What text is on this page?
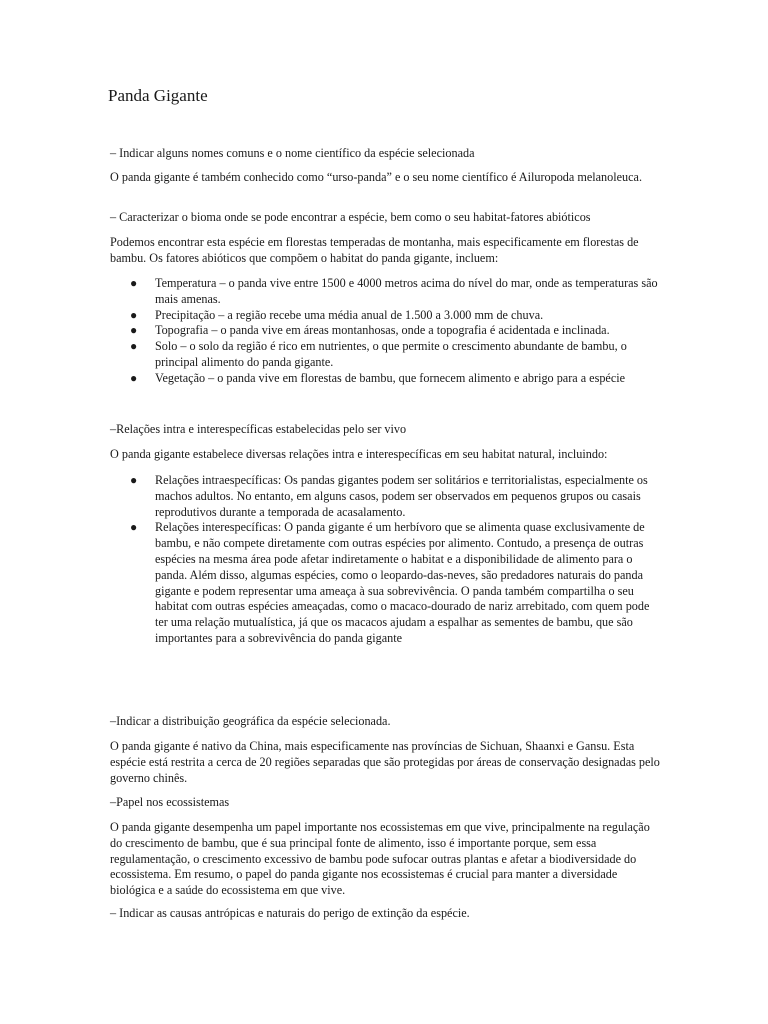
Panda Gigante

– Indicar alguns nomes comuns e o nome científico da espécie selecionada

O panda gigante é também conhecido como “urso-panda” e o seu nome científico é Ailuropoda melanoleuca.

– Caracterizar o bioma onde se pode encontrar a espécie, bem como o seu habitat-fatores abióticos

Podemos encontrar esta espécie em florestas temperadas de montanha, mais especificamente em florestas de bambu. Os fatores abióticos que compõem o habitat do panda gigante, incluem:

● Temperatura – o panda vive entre 1500 e 4000 metros acima do nível do mar, onde as temperaturas são mais amenas.
● Precipitação – a região recebe uma média anual de 1.500 a 3.000 mm de chuva.
● Topografia – o panda vive em áreas montanhosas, onde a topografia é acidentada e inclinada.
● Solo – o solo da região é rico em nutrientes, o que permite o crescimento abundante de bambu, o principal alimento do panda gigante.
● Vegetação – o panda vive em florestas de bambu, que fornecem alimento e abrigo para a espécie

–Relações intra e interespecíficas estabelecidas pelo ser vivo

O panda gigante estabelece diversas relações intra e interespecíficas em seu habitat natural, incluindo:

● Relações intraespecíficas: Os pandas gigantes podem ser solitários e territorialistas, especialmente os machos adultos. No entanto, em alguns casos, podem ser observados em pequenos grupos ou casais reprodutivos durante a temporada de acasalamento.
● Relações interespecíficas: O panda gigante é um herbívoro que se alimenta quase exclusivamente de bambu, e não compete diretamente com outras espécies por alimento. Contudo, a presença de outras espécies na mesma área pode afetar indiretamente o habitat e a disponibilidade de alimento para o panda. Além disso, algumas espécies, como o leopardo-das-neves, são predadores naturais do panda gigante e podem representar uma ameaça à sua sobrevivência. O panda também compartilha o seu habitat com outras espécies ameaçadas, como o macaco-dourado de nariz arrebitado, com quem pode ter uma relação mutualística, já que os macacos ajudam a espalhar as sementes de bambu, que são importantes para a sobrevivência do panda gigante

–Indicar a distribuição geográfica da espécie selecionada.

O panda gigante é nativo da China, mais especificamente nas províncias de Sichuan, Shaanxi e Gansu. Esta espécie está restrita a cerca de 20 regiões separadas que são protegidas por áreas de conservação designadas pelo governo chinês.

–Papel nos ecossistemas

O panda gigante desempenha um papel importante nos ecossistemas em que vive, principalmente na regulação do crescimento de bambu, que é sua principal fonte de alimento, isso é importante porque, sem essa regulamentação, o crescimento excessivo de bambu pode sufocar outras plantas e afetar a biodiversidade do ecossistema. Em resumo, o papel do panda gigante nos ecossistemas é crucial para manter a diversidade biológica e a saúde do ecossistema em que vive.

– Indicar as causas antrópicas e naturais do perigo de extinção da espécie.
